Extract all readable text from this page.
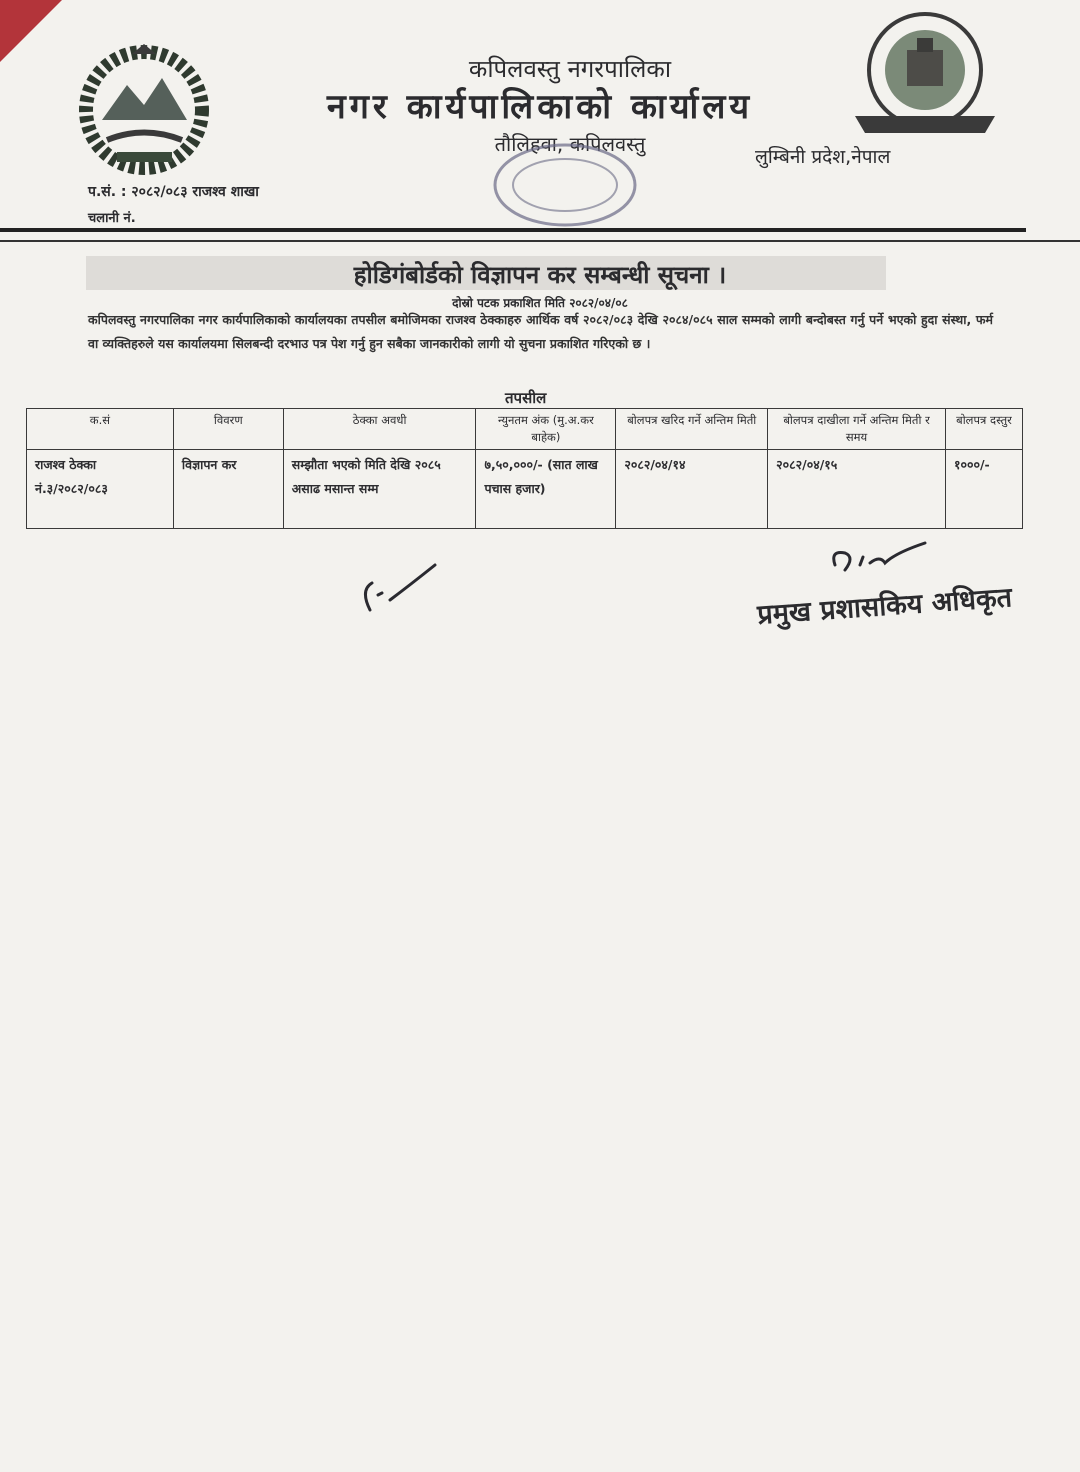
कपिलवस्तु नगरपालिका
नगर कार्यपालिकाको कार्यालय
तौलिहवा, कपिलवस्तु
लुम्बिनी प्रदेश,नेपाल
प.सं. : २०८२/०८३ राजश्व शाखा
चलानी नं.
होडिगंबोर्डको विज्ञापन कर सम्बन्धी सूचना ।
दोस्रो पटक प्रकाशित मिति २०८२/०४/०८
कपिलवस्तु नगरपालिका नगर कार्यपालिकाको कार्यालयका तपसील बमोजिमका राजश्व ठेक्काहरु आर्थिक वर्ष २०८२/०८३ देखि २०८४/०८५ साल सम्मको लागी बन्दोबस्त गर्नु पर्ने भएको हुदा संस्था, फर्म वा व्यक्तिहरुले यस कार्यालयमा सिलबन्दी दरभाउ पत्र पेश गर्नु हुन सबैका जानकारीको लागी यो सुचना प्रकाशित गरिएको छ ।
तपसील
क.सं	विवरण	ठेक्का अवधी	न्युनतम अंक (मु.अ.कर बाहेक)	बोलपत्र खरिद गर्ने अन्तिम मिती	बोलपत्र दाखीला गर्ने अन्तिम मिती र समय	बोलपत्र दस्तुर
राजश्व ठेक्का नं.३/२०८२/०८३	विज्ञापन कर	सम्झौता भएको मिति देखि २०८५ असाढ मसान्त सम्म	७,५०,०००/- (सात लाख पचास हजार)	२०८२/०४/१४	२०८२/०४/१५	१०००/-
प्रमुख प्रशासकिय अधिकृत
